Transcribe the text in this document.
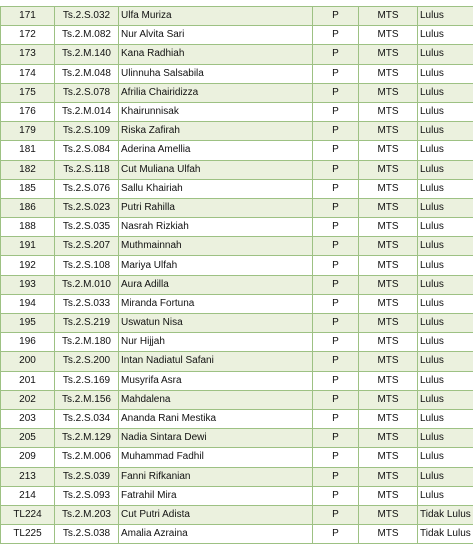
171	Ts.2.S.032	Ulfa Muriza	P	MTS	Lulus
172	Ts.2.M.082	Nur Alvita Sari	P	MTS	Lulus
173	Ts.2.M.140	Kana Radhiah	P	MTS	Lulus
174	Ts.2.M.048	Ulinnuha Salsabila	P	MTS	Lulus
175	Ts.2.S.078	Afrilia Chairidizza	P	MTS	Lulus
176	Ts.2.M.014	Khairunnisak	P	MTS	Lulus
179	Ts.2.S.109	Riska Zafirah	P	MTS	Lulus
181	Ts.2.S.084	Aderina Amellia	P	MTS	Lulus
182	Ts.2.S.118	Cut Muliana Ulfah	P	MTS	Lulus
185	Ts.2.S.076	Sallu Khairiah	P	MTS	Lulus
186	Ts.2.S.023	Putri Rahilla	P	MTS	Lulus
188	Ts.2.S.035	Nasrah Rizkiah	P	MTS	Lulus
191	Ts.2.S.207	Muthmainnah	P	MTS	Lulus
192	Ts.2.S.108	Mariya Ulfah	P	MTS	Lulus
193	Ts.2.M.010	Aura Adilla	P	MTS	Lulus
194	Ts.2.S.033	Miranda Fortuna	P	MTS	Lulus
195	Ts.2.S.219	Uswatun Nisa	P	MTS	Lulus
196	Ts.2.M.180	Nur Hijjah	P	MTS	Lulus
200	Ts.2.S.200	Intan Nadiatul Safani	P	MTS	Lulus
201	Ts.2.S.169	Musyrifa Asra	P	MTS	Lulus
202	Ts.2.M.156	Mahdalena	P	MTS	Lulus
203	Ts.2.S.034	Ananda Rani Mestika	P	MTS	Lulus
205	Ts.2.M.129	Nadia Sintara Dewi	P	MTS	Lulus
209	Ts.2.M.006	Muhammad Fadhil	P	MTS	Lulus
213	Ts.2.S.039	Fanni Rifkanian	P	MTS	Lulus
214	Ts.2.S.093	Fatrahil Mira	P	MTS	Lulus
TL224	Ts.2.M.203	Cut Putri Adista	P	MTS	Tidak Lulus
TL225	Ts.2.S.038	Amalia Azraina	P	MTS	Tidak Lulus
